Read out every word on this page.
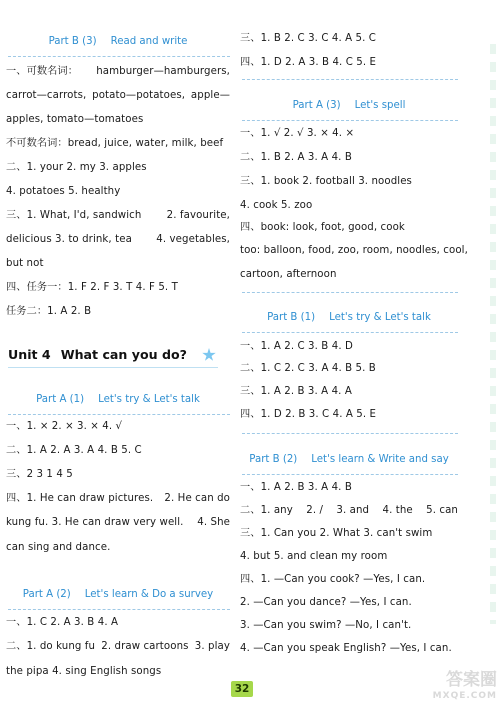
Part B (3) Read and write
一、可数名词： hamburger—hamburgers,
carrot—carrots, potato—potatoes, apple—
apples, tomato—tomatoes
不可数名词：bread, juice, water, milk, beef
二、1. your 2. my 3. apples
4. potatoes 5. healthy
三、1. What, I'd, sandwich 2. favourite,
delicious 3. to drink, tea 4. vegetables,
but not
四、任务一：1. F 2. F 3. T 4. F 5. T
任务二：1. A 2. B
Unit 4 What can you do?
Part A (1) Let's try & Let's talk
一、1. × 2. × 3. × 4. √
二、1. A 2. A 3. A 4. B 5. C
三、2 3 1 4 5
四、1. He can draw pictures. 2. He can do
kung fu. 3. He can draw very well. 4. She
can sing and dance.
Part A (2) Let's learn & Do a survey
一、1. C 2. A 3. B 4. A
二、1. do kung fu 2. draw cartoons 3. play
the pipa 4. sing English songs
三、1. B 2. C 3. C 4. A 5. C
四、1. D 2. A 3. B 4. C 5. E
Part A (3) Let's spell
一、1. √ 2. √ 3. × 4. ×
二、1. B 2. A 3. A 4. B
三、1. book 2. football 3. noodles
4. cook 5. zoo
四、book: look, foot, good, cook
too: balloon, food, zoo, room, noodles, cool,
cartoon, afternoon
Part B (1) Let's try & Let's talk
一、1. A 2. C 3. B 4. D
二、1. C 2. C 3. A 4. B 5. B
三、1. A 2. B 3. A 4. A
四、1. D 2. B 3. C 4. A 5. E
Part B (2) Let's learn & Write and say
一、1. A 2. B 3. A 4. B
二、1. any 2. / 3. and 4. the 5. can
三、1. Can you 2. What 3. can't swim
4. but 5. and clean my room
四、1. —Can you cook? —Yes, I can.
2. —Can you dance? —Yes, I can.
3. —Can you swim? —No, I can't.
4. —Can you speak English? —Yes, I can.
32	答案圈
MXQE.COM
